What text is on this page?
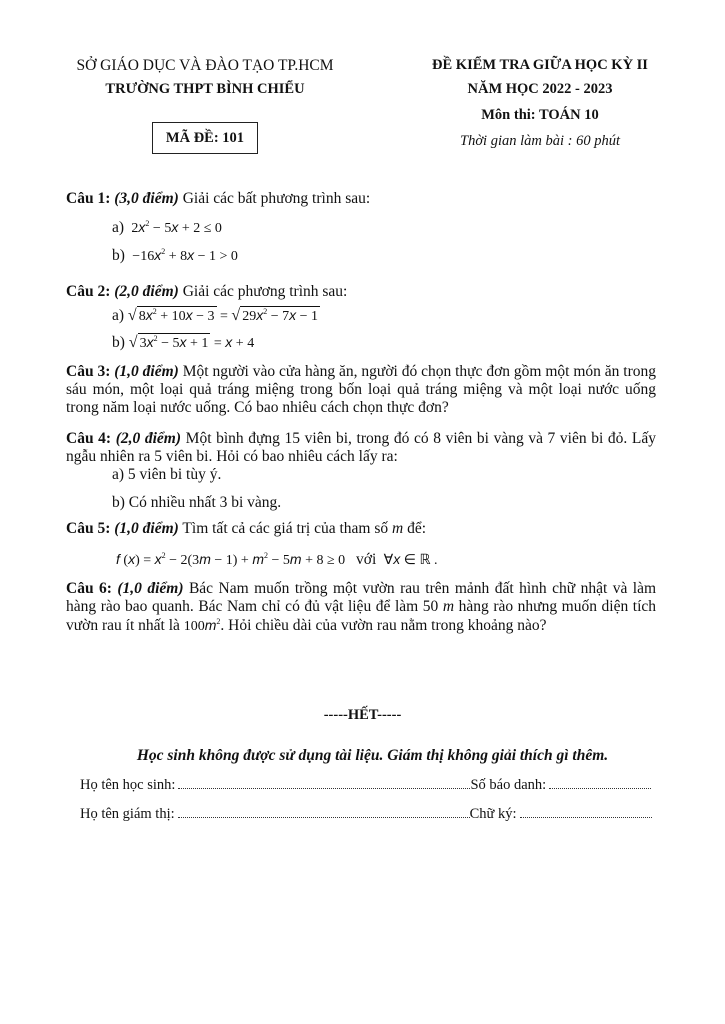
SỞ GIÁO DỤC VÀ ĐÀO TẠO TP.HCM
TRƯỜNG THPT BÌNH CHIỂU
MÃ ĐỀ: 101
ĐỀ KIỂM TRA GIỮA HỌC KỲ II
NĂM HỌC 2022 - 2023
Môn thi: TOÁN 10
Thời gian làm bài : 60 phút
Câu 1: (3,0 điểm) Giải các bất phương trình sau:
a)  $2x^2 - 5x + 2 \le 0$
$b) -16x^2 + 8x - 1 > 0$
Câu 2: (2,0 điểm) Giải các phương trình sau:
a) √ $8x^2 + 10x - 3$ = √ $29x^2 - 7x - 1$
b) √ $3x^2 - 5x + 1 = x + 4$
Câu 3: (1,0 điểm) Một người vào cửa hàng ăn, người đó chọn thực đơn gồm một món ăn trong sáu món, một loại quả tráng miệng trong bốn loại quả tráng miệng và một loại nước uống trong năm loại nước uống. Có bao nhiêu cách chọn thực đơn?
Câu 4: (2,0 điểm) Một bình đựng 15 viên bi, trong đó có 8 viên bi vàng và 7 viên bi đỏ. Lấy ngẫu nhiên ra 5 viên bi. Hỏi có bao nhiêu cách lấy ra:
a) 5 viên bi tùy ý.
b) Có nhiều nhất 3 bi vàng.
Câu 5: (1,0 điểm) Tìm tất cả các giá trị của tham số m để:
f $(x) = x^2 - 2(3m - 1) + m^2 - 5m + 8 \ge 0$   với  ∀x ∈ ℝ .
Câu 6: (1,0 điểm) Bác Nam muốn trồng một vườn rau trên mảnh đất hình chữ nhật và làm hàng rào bao quanh. Bác Nam chỉ có đủ vật liệu để làm 50 m hàng rào nhưng muốn diện tích vườn rau ít nhất là $100m^2$. Hỏi chiều dài của vườn rau nằm trong khoảng nào?
-----HẾT-----
Học sinh không được sử dụng tài liệu. Giám thị không giải thích gì thêm.
Họ tên học sinh:	Số báo danh:
Họ tên giám thị:	Chữ ký:
